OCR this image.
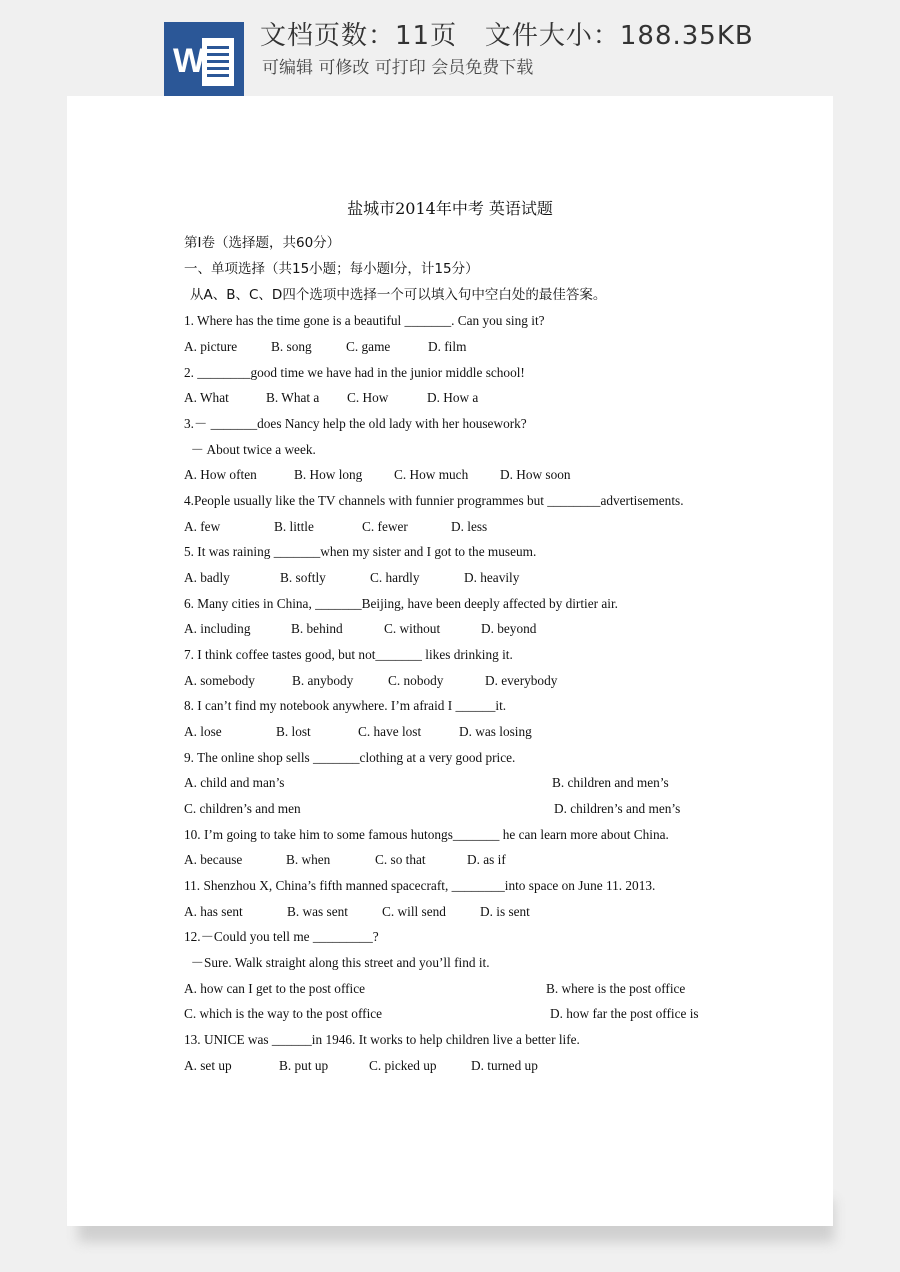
W
文档页数：11页   文件大小：188.35KB
可编辑 可修改 可打印 会员免费下载
盐城市2014年中考 英语试题
第Ⅰ卷（选择题，共60分）
一、单项选择（共15小题；每小题l分，计15分）
从A、B、C、D四个选项中选择一个可以填入句中空白处的最佳答案。
1. Where has the time gone is a beautiful _______. Can you sing it?
A. picture	B. song	C. game	D. film
2. ________good time we have had in the junior middle school!
A. What	B. What a C. How	D. How a
3.－ _______does Nancy help the old lady with her housework?
－ About twice a week.
A. How often	B. How long C. How much D. How soon
4.People usually like the TV channels with funnier programmes but ________advertisements.
A. few	B. little	C. fewer	D. less
5. It was raining _______when my sister and I got to the museum.
A. badly	B. softly	C. hardly	D. heavily
6. Many cities in China, _______Beijing, have been deeply affected by dirtier air.
A. including	B. behind	C. without	D. beyond
7. I think coffee tastes good, but not_______ likes drinking it.
A. somebody	B. anybody	C. nobody	D. everybody
8. I can’t find my notebook anywhere. I’m afraid I ______it.
A. lose	B. lost	C. have lost	D. was losing
9. The online shop sells _______clothing at a very good price.
A. child and man’s	B. children and men’s
C. children’s and men	D. children’s and men’s
10. I’m going to take him to some famous hutongs_______ he can learn more about China.
A. because	B. when	C. so that	D. as if
11. Shenzhou X, China’s fifth manned spacecraft, ________into space on June 11. 2013.
A. has sent	B. was sent	C. will send	D. is sent
12.－Could you tell me _________?
－Sure. Walk straight along this street and you’ll find it.
A. how can I get to the post office	B. where is the post office
C. which is the way to the post office	D. how far the post office is
13. UNICE was ______in 1946. It works to help children live a better life.
A. set up	B. put up	C. picked up	D. turned up
